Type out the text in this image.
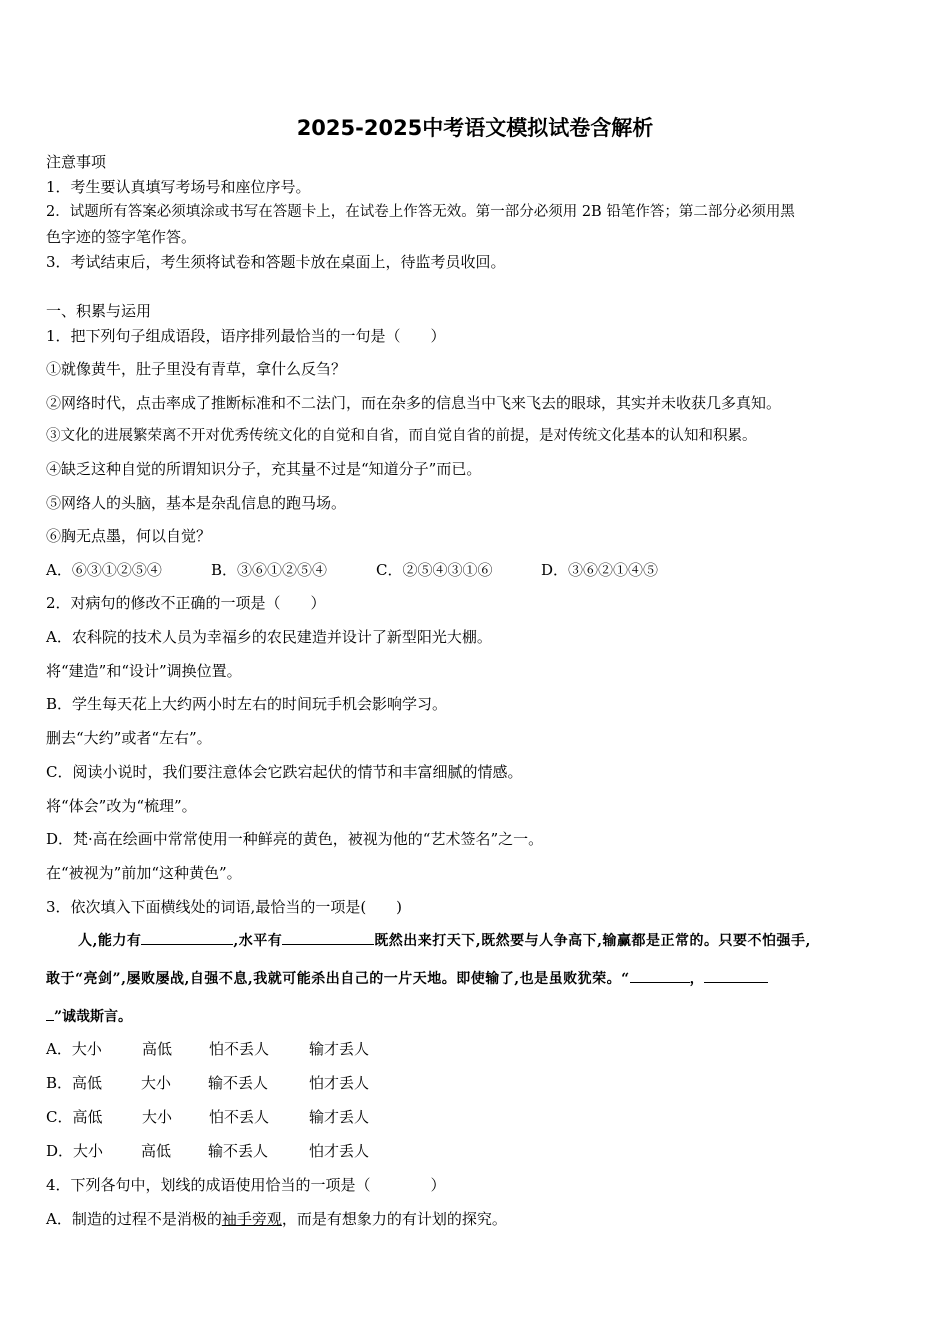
2025-2025中考语文模拟试卷含解析
注意事项
1．考生要认真填写考场号和座位序号。
2．试题所有答案必须填涂或书写在答题卡上，在试卷上作答无效。第一部分必须用 2B 铅笔作答；第二部分必须用黑
色字迹的签字笔作答。
3．考试结束后，考生须将试卷和答题卡放在桌面上，待监考员收回。
一、积累与运用
1．把下列句子组成语段，语序排列最恰当的一句是（　　）
①就像黄牛，肚子里没有青草，拿什么反刍？
②网络时代，点击率成了推断标准和不二法门，而在杂多的信息当中飞来飞去的眼球，其实并未收获几多真知。
③文化的进展繁荣离不开对优秀传统文化的自觉和自省，而自觉自省的前提，是对传统文化基本的认知和积累。
④缺乏这种自觉的所谓知识分子，充其量不过是“知道分子”而已。
⑤网络人的头脑，基本是杂乱信息的跑马场。
⑥胸无点墨，何以自觉？
A．⑥③①②⑤④	B．③⑥①②⑤④	C．②⑤④③①⑥	D．③⑥②①④⑤
2．对病句的修改不正确的一项是（　　）
A．农科院的技术人员为幸福乡的农民建造并设计了新型阳光大棚。
将“建造”和“设计”调换位置。
B．学生每天花上大约两小时左右的时间玩手机会影响学习。
删去“大约”或者“左右”。
C．阅读小说时，我们要注意体会它跌宕起伏的情节和丰富细腻的情感。
将“体会”改为“梳理”。
D．梵·高在绘画中常常使用一种鲜亮的黄色，被视为他的“艺术签名”之一。
在“被视为”前加“这种黄色”。
3．依次填入下面横线处的词语,最恰当的一项是(　　)
人,能力有	,水平有	既然出来打天下,既然要与人争高下,输赢都是正常的。只要不怕强手,
敢于“亮剑”,屡败屡战,自强不息,我就可能杀出自己的一片天地。即使输了,也是虽败犹荣。“	，
”诚哉斯言。
A．大小	高低 怕不丢人	输才丢人
B．高低	大小 输不丢人	怕才丢人
C．高低	大小 怕不丢人	输才丢人
D．大小	高低 输不丢人	怕才丢人
4．下列各句中，划线的成语使用恰当的一项是（　　　　）
A．制造的过程不是消极的袖手旁观，而是有想象力的有计划的探究。
